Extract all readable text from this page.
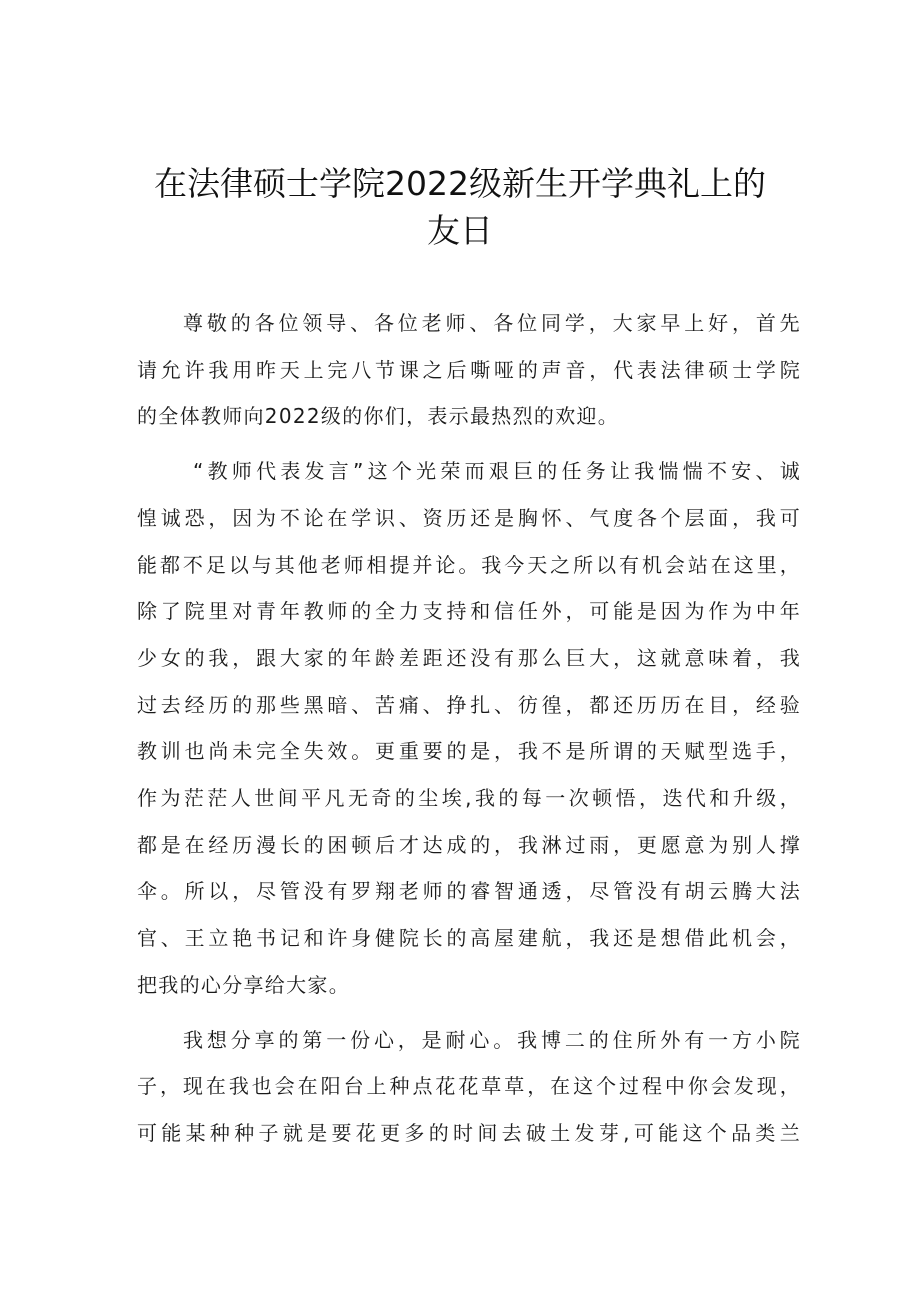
在法律硕士学院2022级新生开学典礼上的
友日

尊敬的各位领导、各位老师、各位同学，大家早上好，首先
请允许我用昨天上完八节课之后嘶哑的声音，代表法律硕士学院
的全体教师向2022级的你们，表示最热烈的欢迎。

“教师代表发言”这个光荣而艰巨的任务让我惴惴不安、诚
惶诚恐，因为不论在学识、资历还是胸怀、气度各个层面，我可
能都不足以与其他老师相提并论。我今天之所以有机会站在这里，
除了院里对青年教师的全力支持和信任外，可能是因为作为中年
少女的我，跟大家的年龄差距还没有那么巨大，这就意味着，我
过去经历的那些黑暗、苦痛、挣扎、彷徨，都还历历在目，经验
教训也尚未完全失效。更重要的是，我不是所谓的天赋型选手，
作为茫茫人世间平凡无奇的尘埃,我的每一次顿悟，迭代和升级，
都是在经历漫长的困顿后才达成的，我淋过雨，更愿意为别人撑
伞。所以，尽管没有罗翔老师的睿智通透，尽管没有胡云腾大法
官、王立艳书记和许身健院长的高屋建航，我还是想借此机会，
把我的心分享给大家。

我想分享的第一份心，是耐心。我博二的住所外有一方小院
子，现在我也会在阳台上种点花花草草，在这个过程中你会发现，
可能某种种子就是要花更多的时间去破土发芽,可能这个品类兰
